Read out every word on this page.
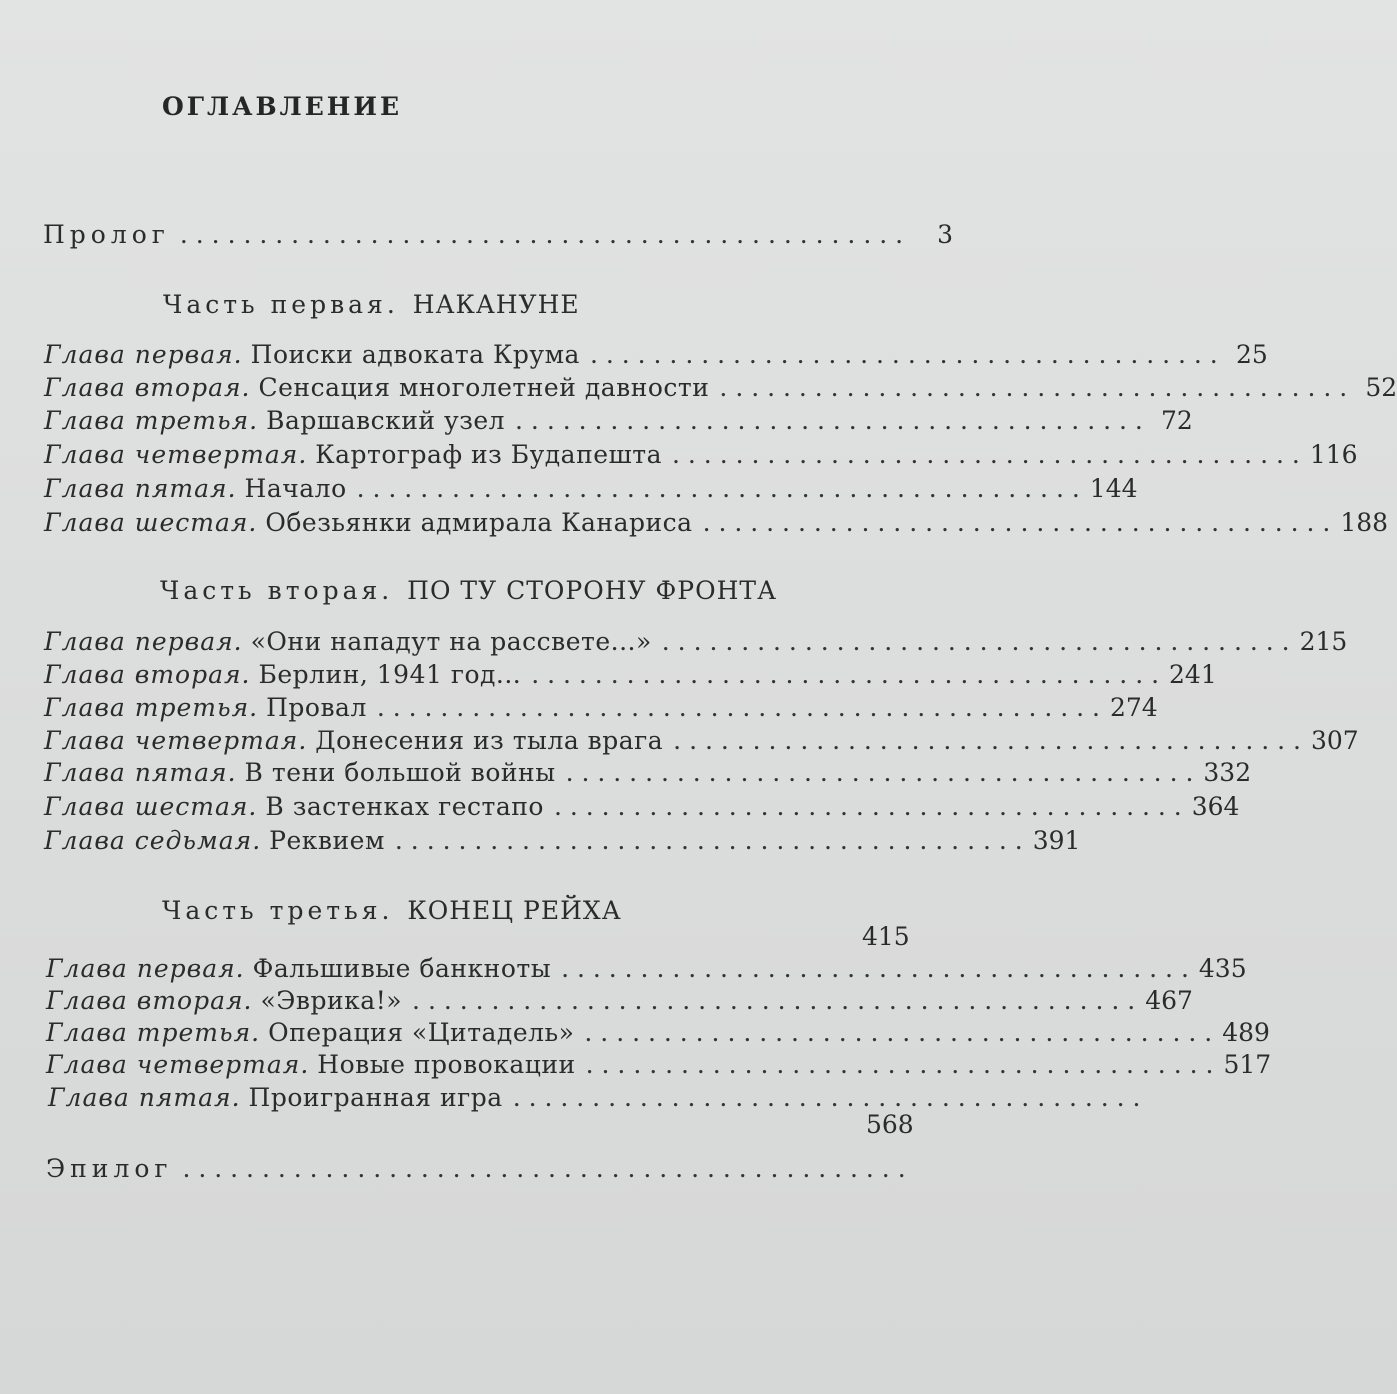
ОГЛАВЛЕНИЕ
Пролог . . . . . . . . . . . . . . . . . . . . . . . . . . . . . . . . . . . . . . . . . . . . . .	3
Часть первая. НАКАНУНЕ
Глава первая. Поиски адвоката Крума . . . . . . . . . . . . . . . . . . . . . . . . . . . . . . . . . . . . . . . . 25
Глава вторая. Сенсация многолетней давности . . . . . . . . . . . . . . . . . . . . . . . . . . . . . . . . . . . . . . . . 52
Глава третья. Варшавский узел . . . . . . . . . . . . . . . . . . . . . . . . . . . . . . . . . . . . . . . . 72
Глава четвертая. Картограф из Будапешта . . . . . . . . . . . . . . . . . . . . . . . . . . . . . . . . . . . . . . . . 116
Глава пятая. Начало . . . . . . . . . . . . . . . . . . . . . . . . . . . . . . . . . . . . . . . . . . . . . . 144
Глава шестая. Обезьянки адмирала Канариса . . . . . . . . . . . . . . . . . . . . . . . . . . . . . . . . . . . . . . . . 188
Часть вторая. ПО ТУ СТОРОНУ ФРОНТА
Глава первая. «Они нападут на рассвете...» . . . . . . . . . . . . . . . . . . . . . . . . . . . . . . . . . . . . . . . . 215
Глава вторая. Берлин, 1941 год... . . . . . . . . . . . . . . . . . . . . . . . . . . . . . . . . . . . . . . . . 241
Глава третья. Провал . . . . . . . . . . . . . . . . . . . . . . . . . . . . . . . . . . . . . . . . . . . . . . 274
Глава четвертая. Донесения из тыла врага . . . . . . . . . . . . . . . . . . . . . . . . . . . . . . . . . . . . . . . . 307
Глава пятая. В тени большой войны . . . . . . . . . . . . . . . . . . . . . . . . . . . . . . . . . . . . . . . . 332
Глава шестая. В застенках гестапо . . . . . . . . . . . . . . . . . . . . . . . . . . . . . . . . . . . . . . . . 364
Глава седьмая. Реквием . . . . . . . . . . . . . . . . . . . . . . . . . . . . . . . . . . . . . . . . 391
Часть третья. КОНЕЦ РЕЙХА
415
Глава первая. Фальшивые банкноты . . . . . . . . . . . . . . . . . . . . . . . . . . . . . . . . . . . . . . . . 435
Глава вторая. «Эврика!» . . . . . . . . . . . . . . . . . . . . . . . . . . . . . . . . . . . . . . . . . . . . . . 467
Глава третья. Операция «Цитадель» . . . . . . . . . . . . . . . . . . . . . . . . . . . . . . . . . . . . . . . . 489
Глава четвертая. Новые провокации . . . . . . . . . . . . . . . . . . . . . . . . . . . . . . . . . . . . . . . . 517
Глава пятая. Проигранная игра . . . . . . . . . . . . . . . . . . . . . . . . . . . . . . . . . . . . . . . .
568
Эпилог . . . . . . . . . . . . . . . . . . . . . . . . . . . . . . . . . . . . . . . . . . . . . .
